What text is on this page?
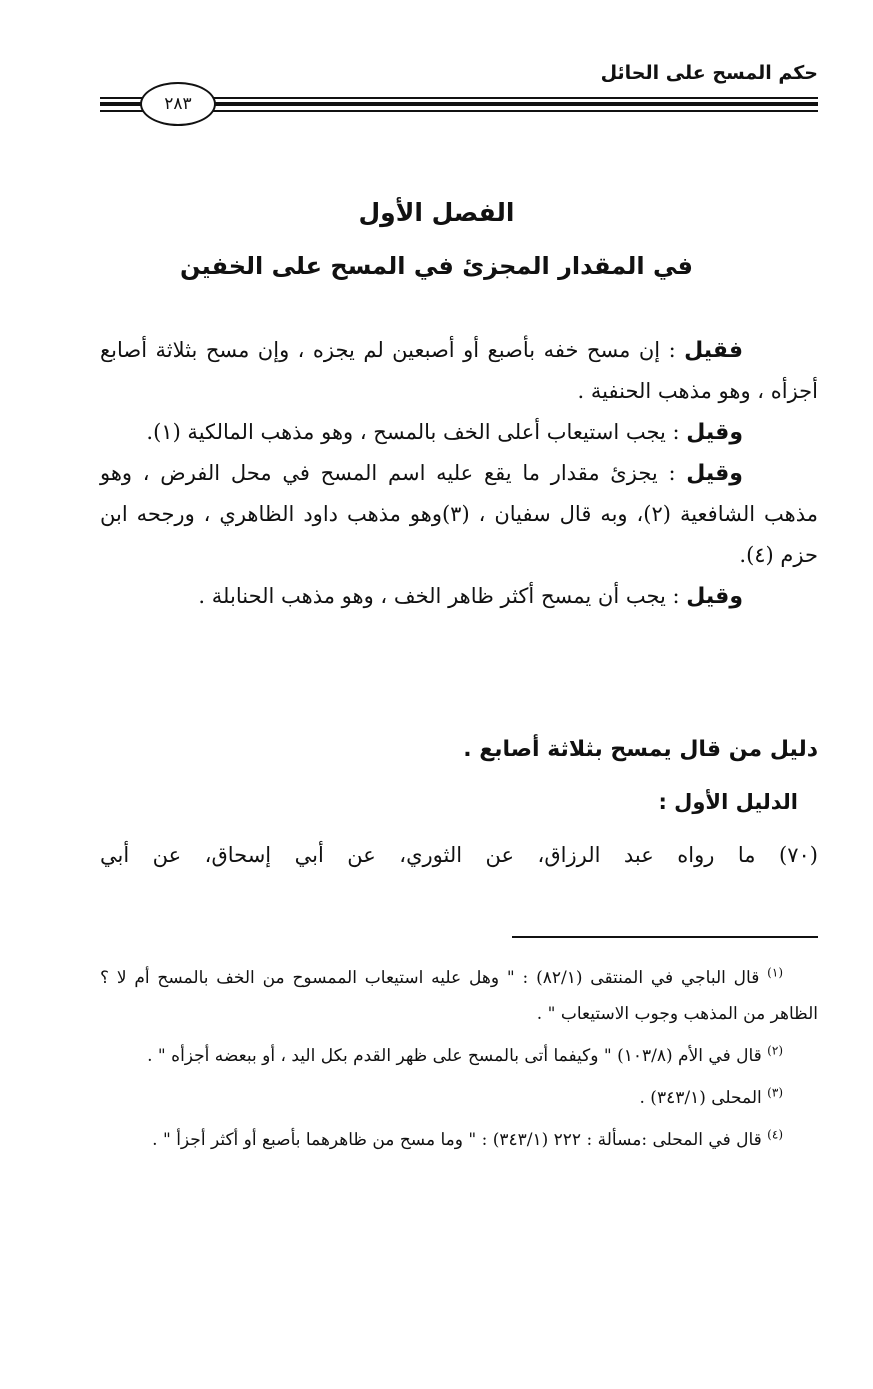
حكم المسح على الحائل
٢٨٣
الفصل الأول
في المقدار المجزئ في المسح على الخفين

فقيل : إن مسح خفه بأصبع أو أصبعين لم يجزه ، وإن مسح بثلاثة أصابع أجزأه ، وهو مذهب الحنفية .

وقيل : يجب استيعاب أعلى الخف بالمسح ، وهو مذهب المالكية (١).

وقيل : يجزئ مقدار ما يقع عليه اسم المسح في محل الفرض ، وهو مذهب الشافعية (٢)، وبه قال سفيان ، (٣)وهو مذهب داود الظاهري ، ورجحه ابن حزم (٤).

وقيل : يجب أن يمسح أكثر ظاهر الخف ، وهو مذهب الحنابلة .

دليل من قال يمسح بثلاثة أصابع .
الدليل الأول :
(٧٠) ما رواه عبد الرزاق، عن الثوري، عن أبي إسحاق، عن أبي

$^{(١)}$ قال الباجي في المنتقى (٨٢/١) : " وهل عليه استيعاب الممسوح من الخف بالمسح أم لا ؟ الظاهر من المذهب وجوب الاستيعاب " .

$^{(٢)}$ قال في الأم (١٠٣/٨) " وكيفما أتى بالمسح على ظهر القدم بكل اليد ، أو ببعضه أجزأه " .

$^{(٣)}$ المحلى (٣٤٣/١) .

$^{(٤)}$ قال في المحلى :مسألة : ٢٢٢ (٣٤٣/١) : " وما مسح من ظاهرهما بأصبع أو أكثر أجزأ " .
